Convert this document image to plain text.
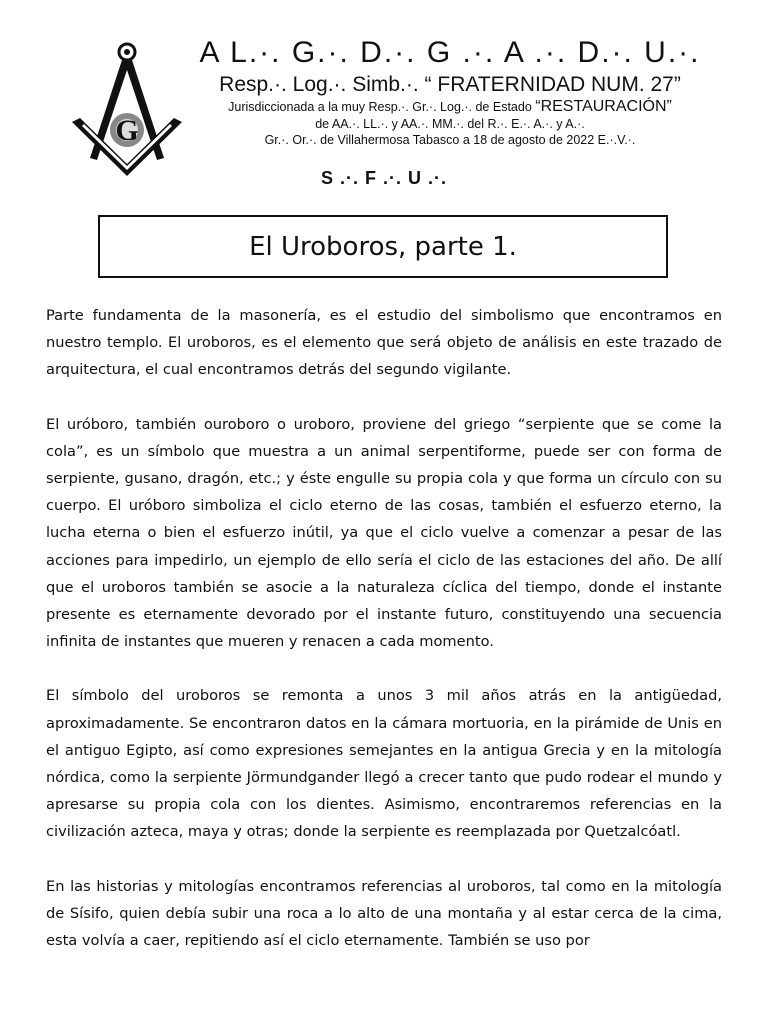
G

A L.·. G.·. D.·. G .·. A .·. D.·. U.·.

Resp.·. Log.·. Simb.·. “ FRATERNIDAD NUM. 27”

Jurisdiccionada a la muy Resp.·. Gr.·. Log.·. de Estado “RESTAURACIÓN”

de AA.·. LL.·. y AA.·. MM.·. del R.·. E.·. A.·. y A.·.

Gr.·. Or.·. de Villahermosa Tabasco a 18 de agosto de 2022 E.·.V.·.

S .·. F .·. U .·.
El Uroboros, parte 1.

Parte fundamenta de la masonería, es el estudio del simbolismo que encontramos en nuestro templo. El uroboros, es el elemento que será objeto de análisis en este trazado de arquitectura, el cual encontramos detrás del segundo vigilante.

El uróboro, también ouroboro o uroboro, proviene del griego “serpiente que se come la cola”, es un símbolo que muestra a un animal serpentiforme, puede ser con forma de serpiente, gusano, dragón, etc.; y éste engulle su propia cola y que forma un círculo con su cuerpo. El uróboro simboliza el ciclo eterno de las cosas, también el esfuerzo eterno, la lucha eterna o bien el esfuerzo inútil, ya que el ciclo vuelve a comenzar a pesar de las acciones para impedirlo, un ejemplo de ello sería el ciclo de las estaciones del año. De allí que el uroboros también se asocie a la naturaleza cíclica del tiempo, donde el instante presente es eternamente devorado por el instante futuro, constituyendo una secuencia infinita de instantes que mueren y renacen a cada momento.

El símbolo del uroboros se remonta a unos 3 mil años atrás en la antigüedad, aproximadamente. Se encontraron datos en la cámara mortuoria, en la pirámide de Unis en el antiguo Egipto, así como expresiones semejantes en la antigua Grecia y en la mitología nórdica, como la serpiente Jörmundgander llegó a crecer tanto que pudo rodear el mundo y apresarse su propia cola con los dientes. Asimismo, encontraremos referencias en la civilización azteca, maya y otras; donde la serpiente es reemplazada por Quetzalcóatl.

En las historias y mitologías encontramos referencias al uroboros, tal como en la mitología de Sísifo, quien debía subir una roca a lo alto de una montaña y al estar cerca de la cima, esta volvía a caer, repitiendo así el ciclo eternamente. También se uso por
